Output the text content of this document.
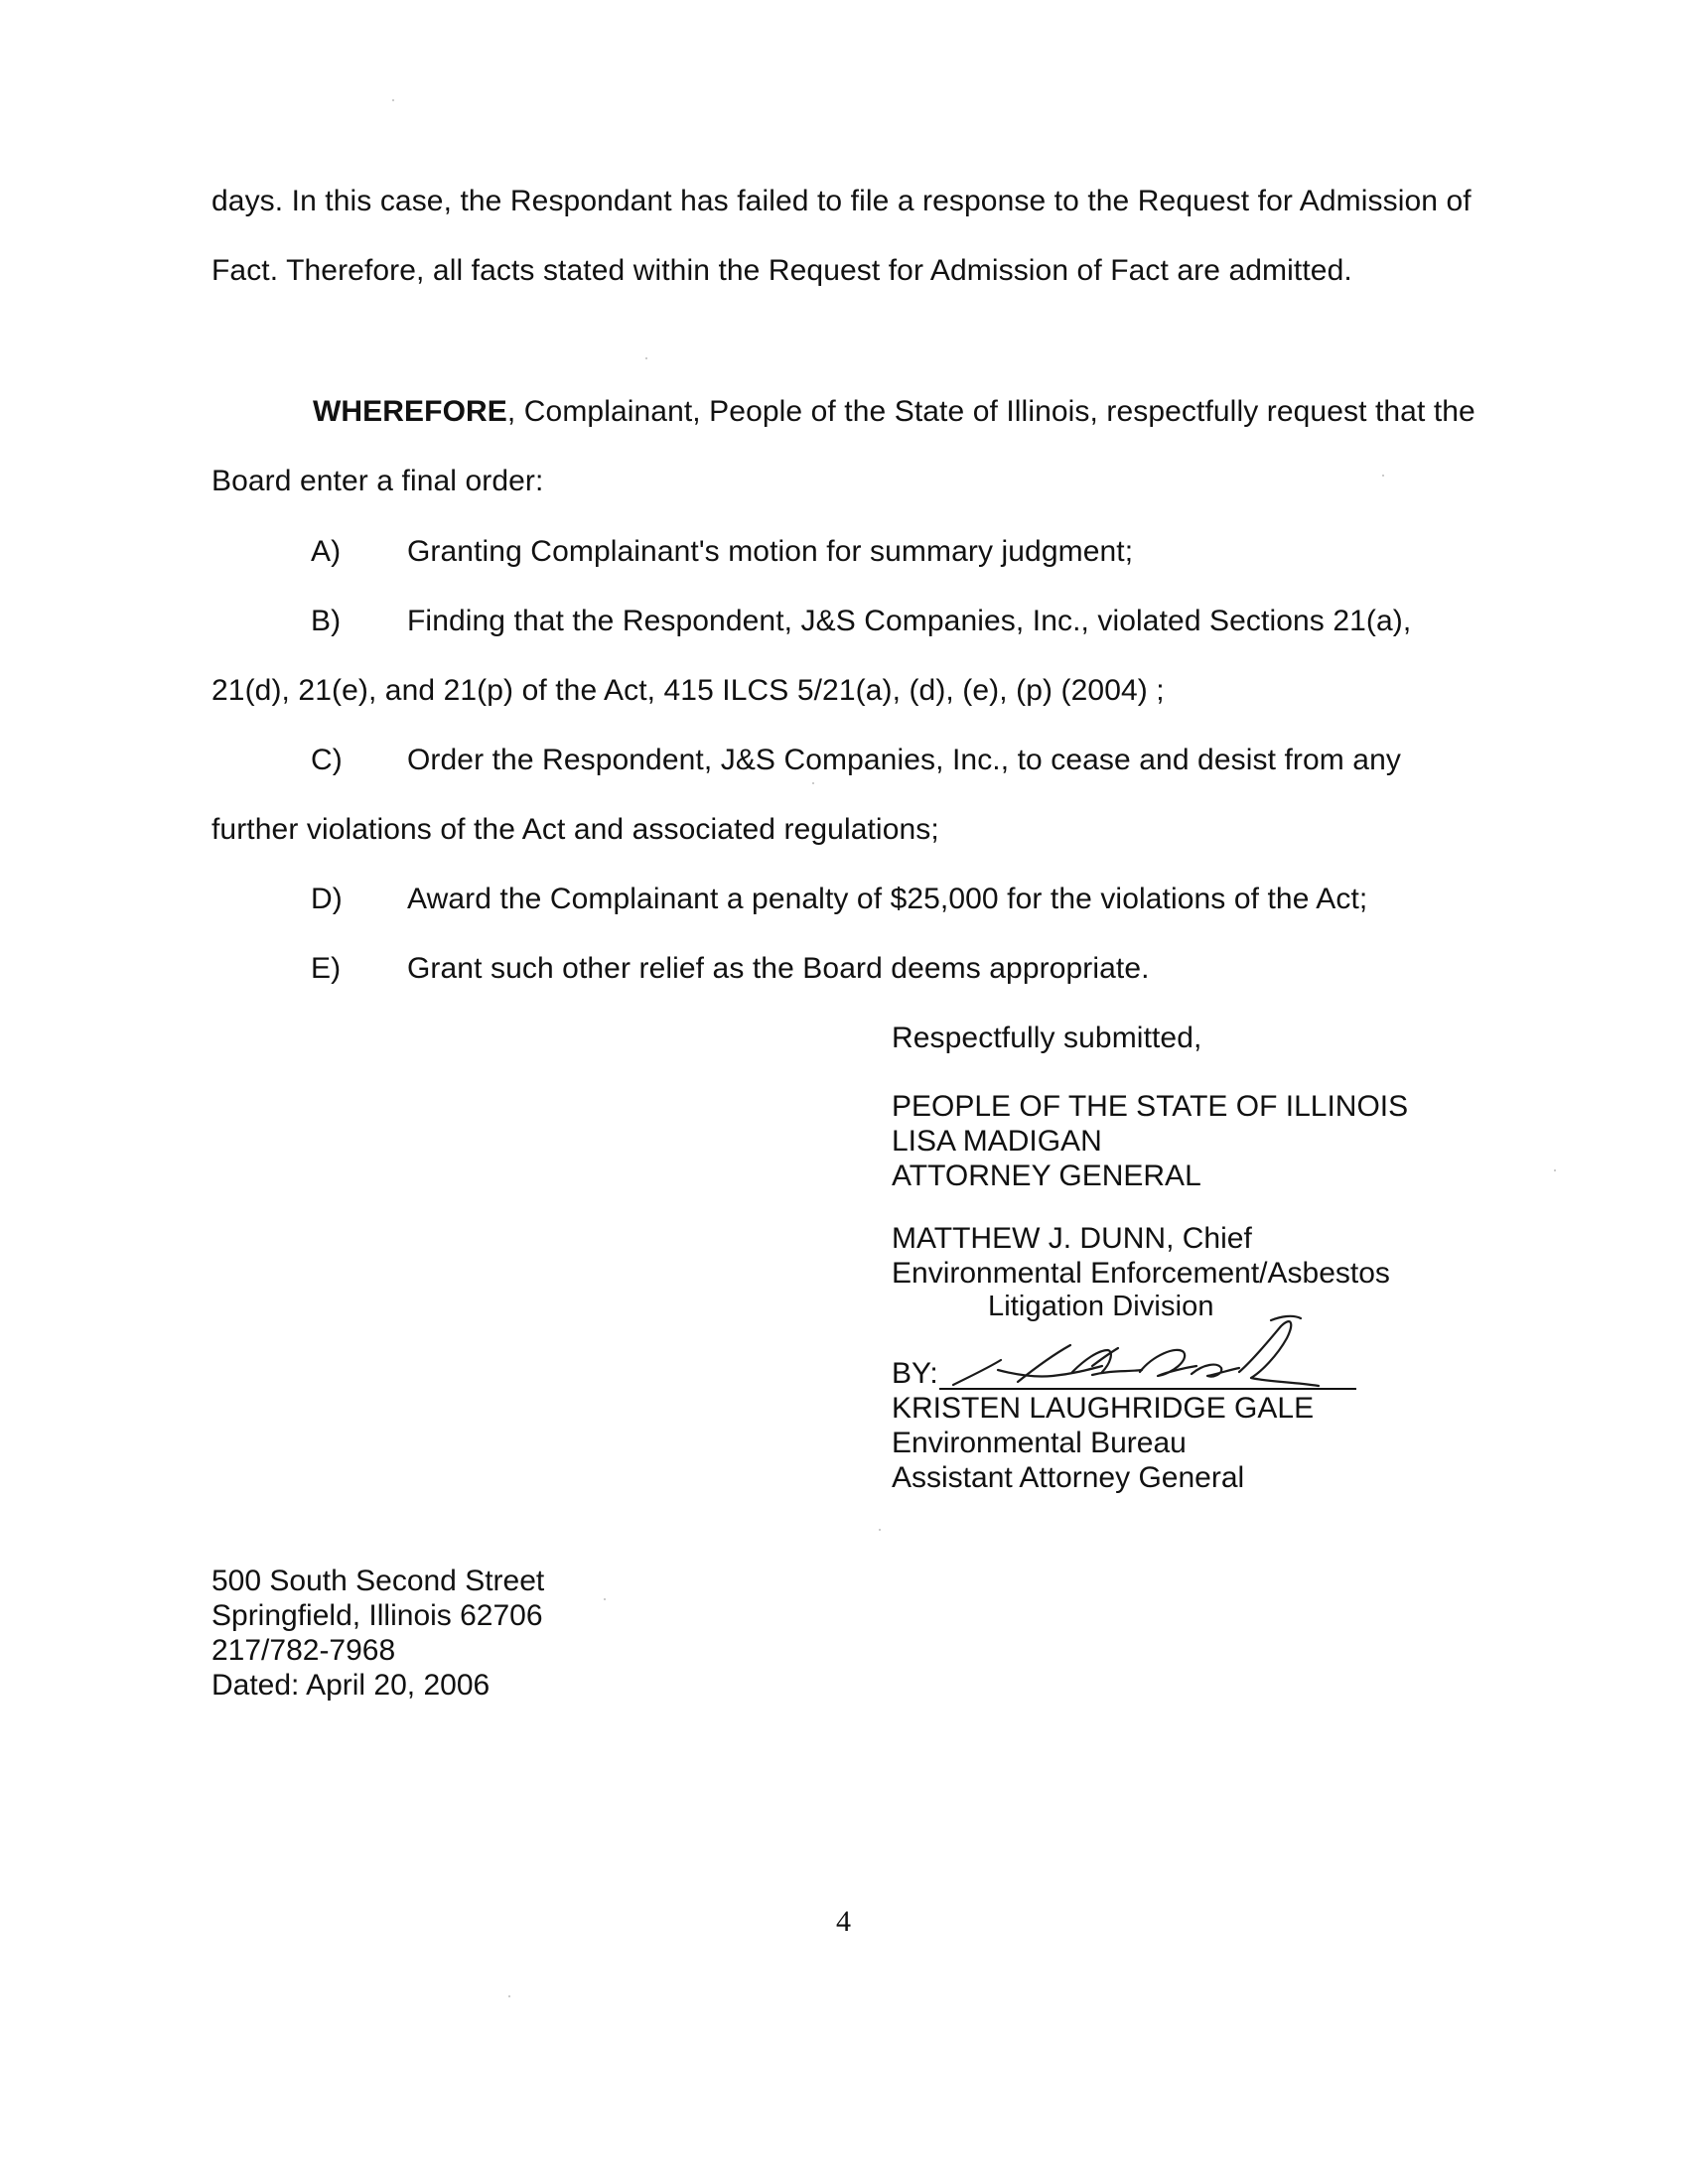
days. In this case, the Respondant has failed to file a response to the Request for Admission of
Fact. Therefore, all facts stated within the Request for Admission of Fact are admitted.
WHEREFORE, Complainant, People of the State of Illinois, respectfully request that the
Board enter a final order:
A) Granting Complainant's motion for summary judgment;
B) Finding that the Respondent, J&S Companies, Inc., violated Sections 21(a),
21(d), 21(e), and 21(p) of the Act, 415 ILCS 5/21(a), (d), (e), (p) (2004) ;
C) Order the Respondent, J&S Companies, Inc., to cease and desist from any
further violations of the Act and associated regulations;
D) Award the Complainant a penalty of $25,000 for the violations of the Act;
E) Grant such other relief as the Board deems appropriate.
Respectfully submitted,
PEOPLE OF THE STATE OF ILLINOIS
LISA MADIGAN
ATTORNEY GENERAL
MATTHEW J. DUNN, Chief
Environmental Enforcement/Asbestos
Litigation Division
BY:
KRISTEN LAUGHRIDGE GALE
Environmental Bureau
Assistant Attorney General
500 South Second Street
Springfield, Illinois 62706
217/782-7968
Dated: April 20, 2006
4
